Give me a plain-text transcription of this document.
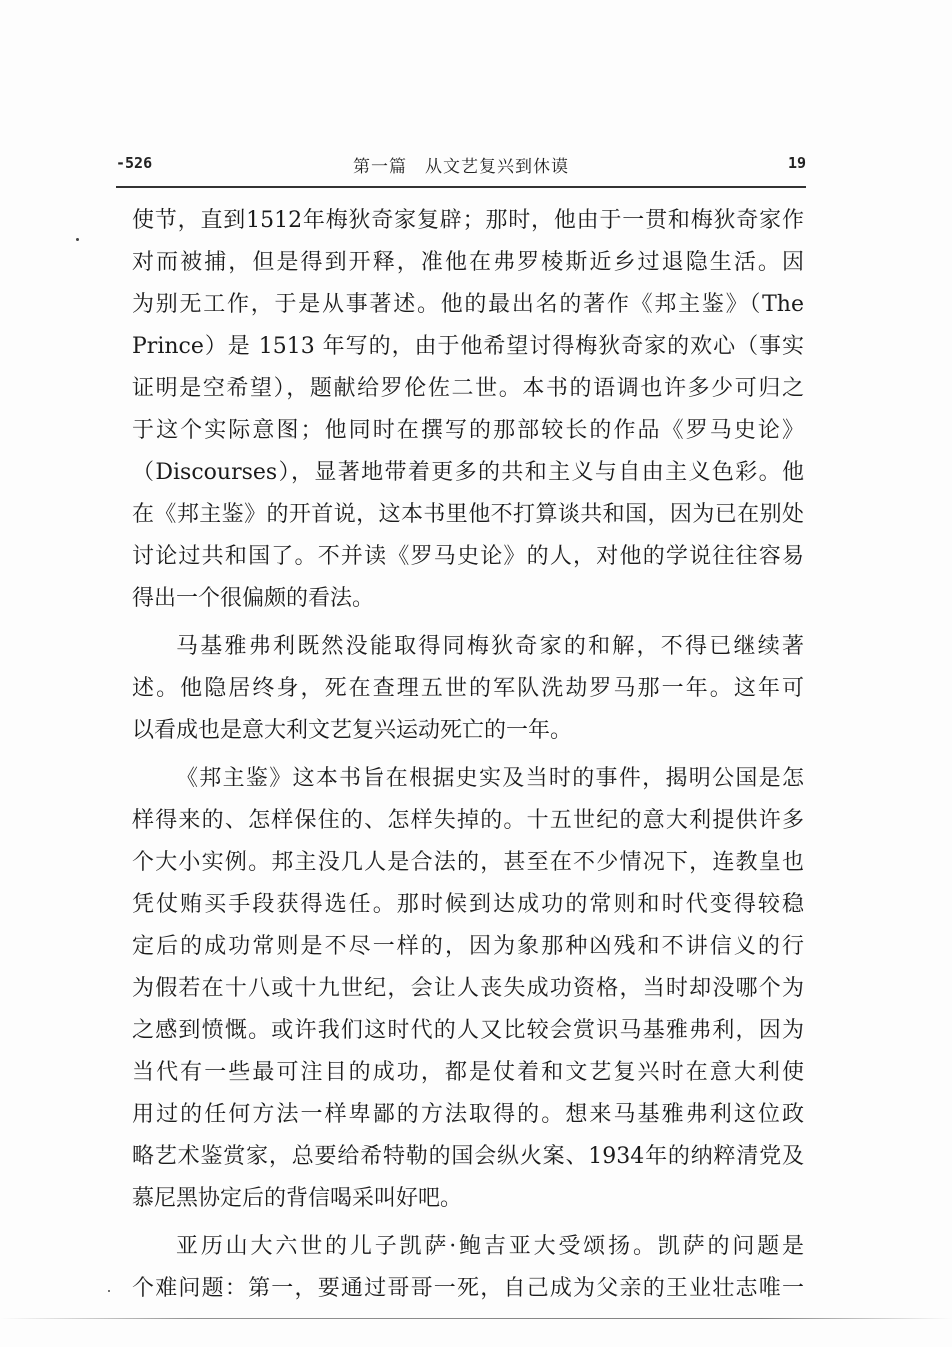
-526	第一篇　从文艺复兴到休谟	19
使节，直到1512年梅狄奇家复辟；那时，他由于一贯和梅狄奇家作
对而被捕，但是得到开释，准他在弗罗棱斯近乡过退隐生活。因
为别无工作，于是从事著述。他的最出名的著作《邦主鉴》（The
Prince）是 1513 年写的，由于他希望讨得梅狄奇家的欢心（事实
证明是空希望），题献给罗伦佐二世。本书的语调也许多少可归之
于这个实际意图；他同时在撰写的那部较长的作品《罗马史论》
（Discourses），显著地带着更多的共和主义与自由主义色彩。他
在《邦主鉴》的开首说，这本书里他不打算谈共和国，因为已在别处
讨论过共和国了。不并读《罗马史论》的人，对他的学说往往容易
得出一个很偏颇的看法。
马基雅弗利既然没能取得同梅狄奇家的和解，不得已继续著
述。他隐居终身，死在查理五世的军队洗劫罗马那一年。这年可
以看成也是意大利文艺复兴运动死亡的一年。
《邦主鉴》这本书旨在根据史实及当时的事件，揭明公国是怎
样得来的、怎样保住的、怎样失掉的。十五世纪的意大利提供许多
个大小实例。邦主没几人是合法的，甚至在不少情况下，连教皇也
凭仗贿买手段获得选任。那时候到达成功的常则和时代变得较稳
定后的成功常则是不尽一样的，因为象那种凶残和不讲信义的行
为假若在十八或十九世纪，会让人丧失成功资格，当时却没哪个为
之感到愤慨。或许我们这时代的人又比较会赏识马基雅弗利，因为
当代有一些最可注目的成功，都是仗着和文艺复兴时在意大利使
用过的任何方法一样卑鄙的方法取得的。想来马基雅弗利这位政
略艺术鉴赏家，总要给希特勒的国会纵火案、1934年的纳粹清党及
慕尼黑协定后的背信喝采叫好吧。
亚历山大六世的儿子凯萨·鲍吉亚大受颂扬。凯萨的问题是
个难问题：第一，要通过哥哥一死，自己成为父亲的王业壮志唯一
